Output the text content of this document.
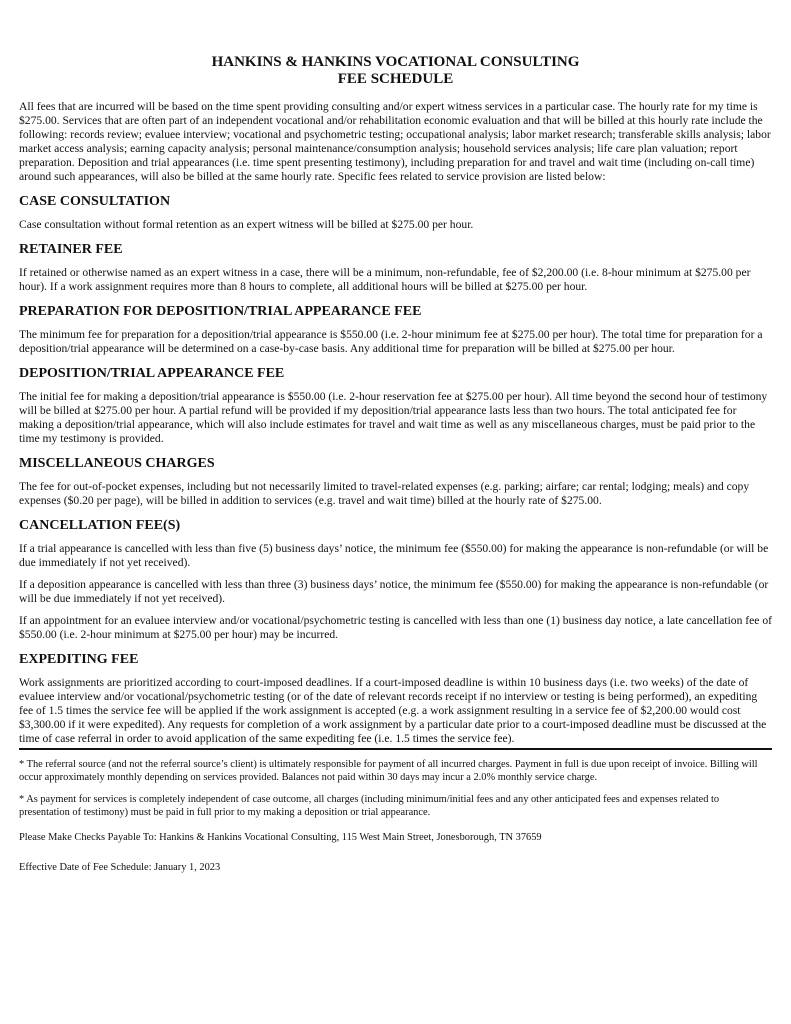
HANKINS & HANKINS VOCATIONAL CONSULTING

FEE SCHEDULE

All fees that are incurred will be based on the time spent providing consulting and/or expert witness services in a particular case. The hourly rate for my time is $275.00. Services that are often part of an independent vocational and/or rehabilitation economic evaluation and that will be billed at this hourly rate include the following: records review; evaluee interview; vocational and psychometric testing; occupational analysis; labor market research; transferable skills analysis; labor market access analysis; earning capacity analysis; personal maintenance/consumption analysis; household services analysis; life care plan valuation; report preparation. Deposition and trial appearances (i.e. time spent presenting testimony), including preparation for and travel and wait time (including on-call time) around such appearances, will also be billed at the same hourly rate. Specific fees related to service provision are listed below:

CASE CONSULTATION

Case consultation without formal retention as an expert witness will be billed at $275.00 per hour.

RETAINER FEE

If retained or otherwise named as an expert witness in a case, there will be a minimum, non-refundable, fee of $2,200.00 (i.e. 8-hour minimum at $275.00 per hour). If a work assignment requires more than 8 hours to complete, all additional hours will be billed at $275.00 per hour.

PREPARATION FOR DEPOSITION/TRIAL APPEARANCE FEE

The minimum fee for preparation for a deposition/trial appearance is $550.00 (i.e. 2-hour minimum fee at $275.00 per hour). The total time for preparation for a deposition/trial appearance will be determined on a case-by-case basis. Any additional time for preparation will be billed at $275.00 per hour.

DEPOSITION/TRIAL APPEARANCE FEE

The initial fee for making a deposition/trial appearance is $550.00 (i.e. 2-hour reservation fee at $275.00 per hour). All time beyond the second hour of testimony will be billed at $275.00 per hour. A partial refund will be provided if my deposition/trial appearance lasts less than two hours. The total anticipated fee for making a deposition/trial appearance, which will also include estimates for travel and wait time as well as any miscellaneous charges, must be paid prior to the time my testimony is provided.

MISCELLANEOUS CHARGES

The fee for out-of-pocket expenses, including but not necessarily limited to travel-related expenses (e.g. parking; airfare; car rental; lodging; meals) and copy expenses ($0.20 per page), will be billed in addition to services (e.g. travel and wait time) billed at the hourly rate of $275.00.

CANCELLATION FEE(S)

If a trial appearance is cancelled with less than five (5) business days’ notice, the minimum fee ($550.00) for making the appearance is non-refundable (or will be due immediately if not yet received).

If a deposition appearance is cancelled with less than three (3) business days’ notice, the minimum fee ($550.00) for making the appearance is non-refundable (or will be due immediately if not yet received).

If an appointment for an evaluee interview and/or vocational/psychometric testing is cancelled with less than one (1) business day notice, a late cancellation fee of $550.00 (i.e. 2-hour minimum at $275.00 per hour) may be incurred.

EXPEDITING FEE

Work assignments are prioritized according to court-imposed deadlines. If a court-imposed deadline is within 10 business days (i.e. two weeks) of the date of evaluee interview and/or vocational/psychometric testing (or of the date of relevant records receipt if no interview or testing is being performed), an expediting fee of 1.5 times the service fee will be applied if the work assignment is accepted (e.g. a work assignment resulting in a service fee of $2,200.00 would cost $3,300.00 if it were expedited). Any requests for completion of a work assignment by a particular date prior to a court-imposed deadline must be discussed at the time of case referral in order to avoid application of the same expediting fee (i.e. 1.5 times the service fee).

* The referral source (and not the referral source’s client) is ultimately responsible for payment of all incurred charges. Payment in full is due upon receipt of invoice. Billing will occur approximately monthly depending on services provided. Balances not paid within 30 days may incur a 2.0% monthly service charge.

* As payment for services is completely independent of case outcome, all charges (including minimum/initial fees and any other anticipated fees and expenses related to presentation of testimony) must be paid in full prior to my making a deposition or trial appearance.

Please Make Checks Payable To: Hankins & Hankins Vocational Consulting, 115 West Main Street, Jonesborough, TN 37659

Effective Date of Fee Schedule: January 1, 2023
